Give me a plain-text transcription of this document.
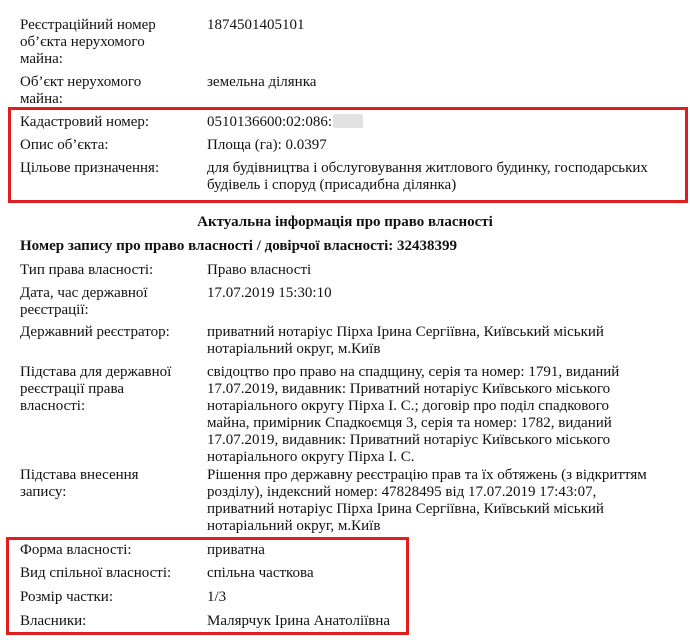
Реєстраційний номер
об’єкта нерухомого
майна:
1874501405101
Об’єкт нерухомого
майна:
земельна ділянка
Кадастровий номер:	0510136600:02:086:
Опис об’єкта:	Площа (га): 0.0397
Цільове призначення:	для будівництва і обслуговування житлового будинку, господарських
будівель і споруд (присадибна ділянка)
Актуальна інформація про право власності
Номер запису про право власності / довірчої власності: 32438399
Тип права власності:	Право власності
Дата, час державної
реєстрації:
17.07.2019 15:30:10
Державний реєстратор:	приватний нотаріус Пірха Ірина Сергіївна, Київський міський
нотаріальний округ, м.Київ
Підстава для державної
реєстрації права
власності:
свідоцтво про право на спадщину, серія та номер: 1791, виданий
17.07.2019, видавник: Приватний нотаріус Київського міського
нотаріального округу Пірха І. С.; договір про поділ спадкового
майна, примірник Спадкоємця 3, серія та номер: 1782, виданий
17.07.2019, видавник: Приватний нотаріус Київського міського
нотаріального округу Пірха І. С.
Підстава внесення
запису:
Рішення про державну реєстрацію прав та їх обтяжень (з відкриттям
розділу), індексний номер: 47828495 від 17.07.2019 17:43:07,
приватний нотаріус Пірха Ірина Сергіївна, Київський міський
нотаріальний округ, м.Київ
Форма власності:	приватна
Вид спільної власності:	спільна часткова
Розмір частки:	1/3
Власники:	Малярчук Ірина Анатоліївна
